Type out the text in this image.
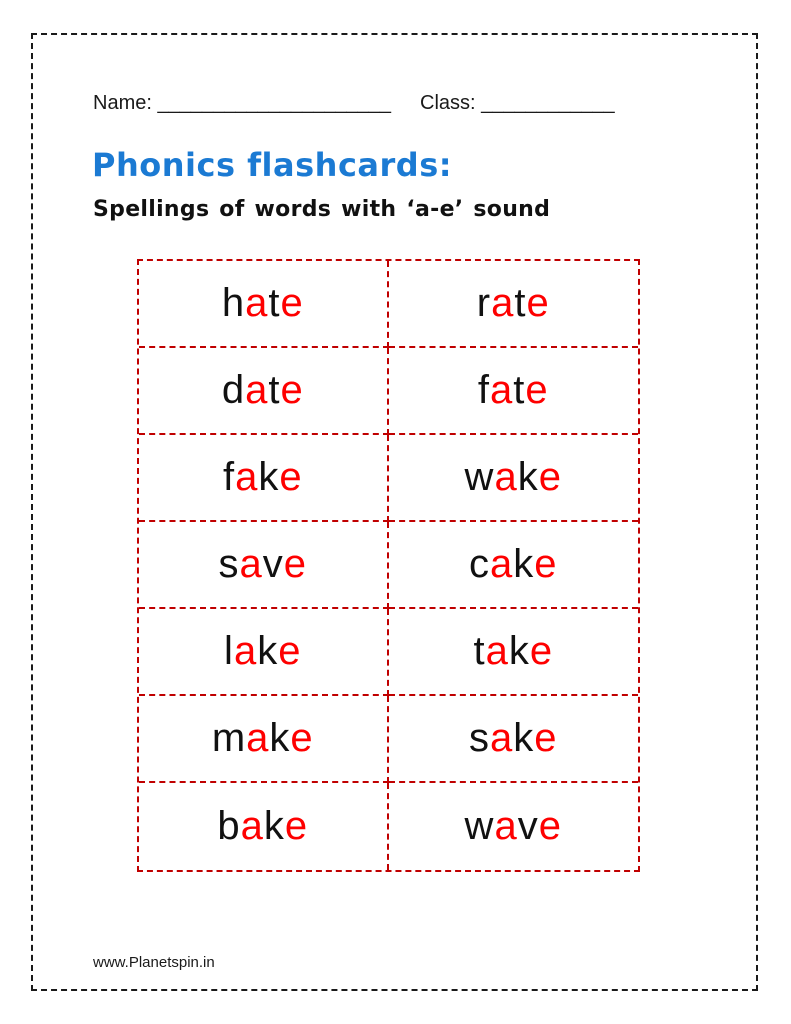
Name: _____________________ Class: ____________
Phonics flashcards:
Spellings of words with ‘a-e’ sound
h a t e	r a t e
d a t e	f a t e
f a k e	w a k e
s a v e	c a k e
l a k e	t a k e
m a k e	s a k e
b a k e	w a v e
www.Planetspin.in
